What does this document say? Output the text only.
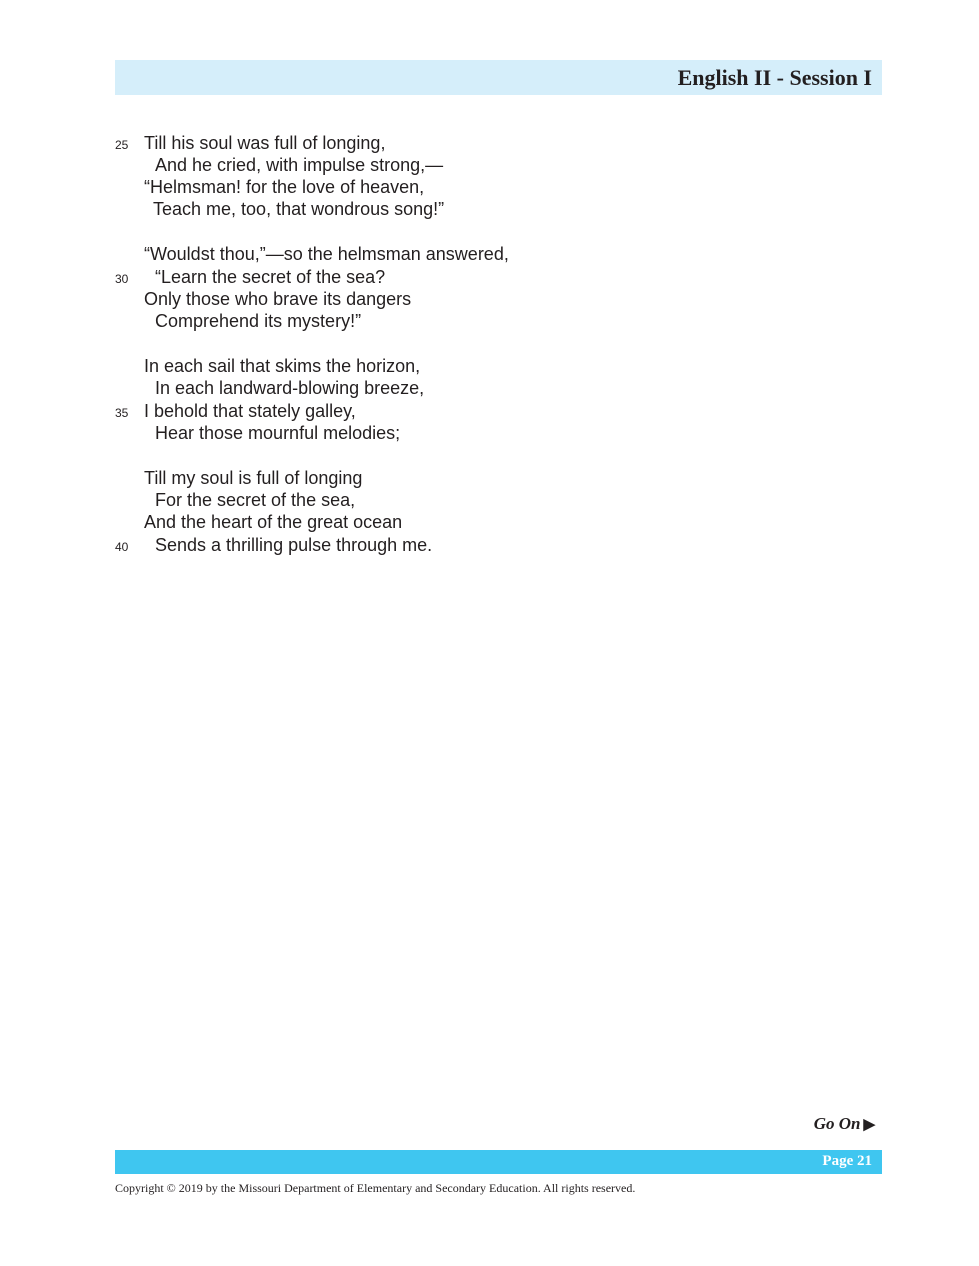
English II - Session I
25 Till his soul was full of longing,
And he cried, with impulse strong,—
“Helmsman! for the love of heaven,
Teach me, too, that wondrous song!”
“Wouldst thou,”—so the helmsman answered,
30 “Learn the secret of the sea?
Only those who brave its dangers
Comprehend its mystery!”
In each sail that skims the horizon,
In each landward-blowing breeze,
35 I behold that stately galley,
Hear those mournful melodies;
Till my soul is full of longing
For the secret of the sea,
And the heart of the great ocean
40 Sends a thrilling pulse through me.
Go On ▶
Page 21
Copyright © 2019 by the Missouri Department of Elementary and Secondary Education. All rights reserved.
